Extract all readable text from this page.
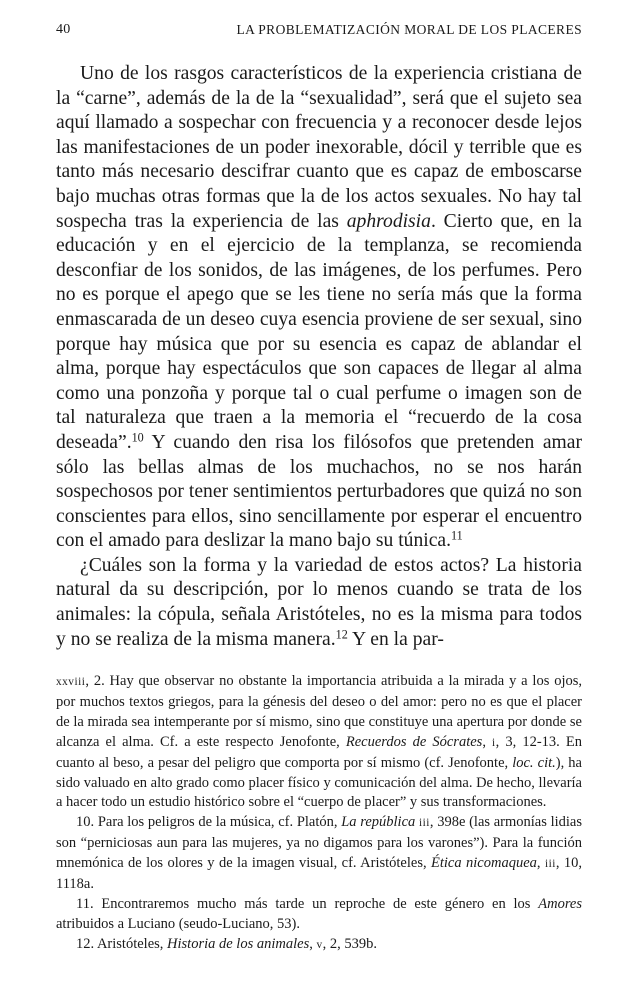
40	LA PROBLEMATIZACIÓN MORAL DE LOS PLACERES

Uno de los rasgos característicos de la experiencia cristiana de la “carne”, además de la de la “sexualidad”, será que el sujeto sea aquí llamado a sospechar con frecuencia y a reconocer desde lejos las manifestaciones de un poder inexorable, dócil y terrible que es tanto más necesario descifrar cuanto que es capaz de emboscarse bajo muchas otras formas que la de los actos sexuales. No hay tal sospecha tras la experiencia de las aphrodisia. Cierto que, en la educación y en el ejercicio de la templanza, se recomienda desconfiar de los sonidos, de las imágenes, de los perfumes. Pero no es porque el apego que se les tiene no sería más que la forma enmascarada de un deseo cuya esencia proviene de ser sexual, sino porque hay música que por su esencia es capaz de ablandar el alma, porque hay espectáculos que son capaces de llegar al alma como una ponzoña y porque tal o cual perfume o imagen son de tal naturaleza que traen a la memoria el “recuerdo de la cosa deseada”.$^{10}$ Y cuando den risa los filósofos que pretenden amar sólo las bellas almas de los muchachos, no se nos harán sospechosos por tener sentimientos perturbadores que quizá no son conscientes para ellos, sino sencillamente por esperar el encuentro con el amado para deslizar la mano bajo su túnica.$^{11}$

¿Cuáles son la forma y la variedad de estos actos? La historia natural da su descripción, por lo menos cuando se trata de los animales: la cópula, señala Aristóteles, no es la misma para todos y no se realiza de la misma manera.$^{12}$ Y en la par-

xxviii, 2. Hay que observar no obstante la importancia atribuida a la mirada y a los ojos, por muchos textos griegos, para la génesis del deseo o del amor: pero no es que el placer de la mirada sea intemperante por sí mismo, sino que constituye una apertura por donde se alcanza el alma. Cf. a este respecto Jenofonte, Recuerdos de Sócrates, i, 3, 12-13. En cuanto al beso, a pesar del peligro que comporta por sí mismo (cf. Jenofonte, loc. cit.), ha sido valuado en alto grado como placer físico y comunicación del alma. De hecho, llevaría a hacer todo un estudio histórico sobre el “cuerpo de placer” y sus transformaciones.

10. Para los peligros de la música, cf. Platón, La república iii, 398e (las armonías lidias son “perniciosas aun para las mujeres, ya no digamos para los varones”). Para la función mnemónica de los olores y de la imagen visual, cf. Aristóteles, Ética nicomaquea, iii, 10, 1118a.

11. Encontraremos mucho más tarde un reproche de este género en los Amores atribuidos a Luciano (seudo-Luciano, 53).

12. Aristóteles, Historia de los animales, v, 2, 539b.
